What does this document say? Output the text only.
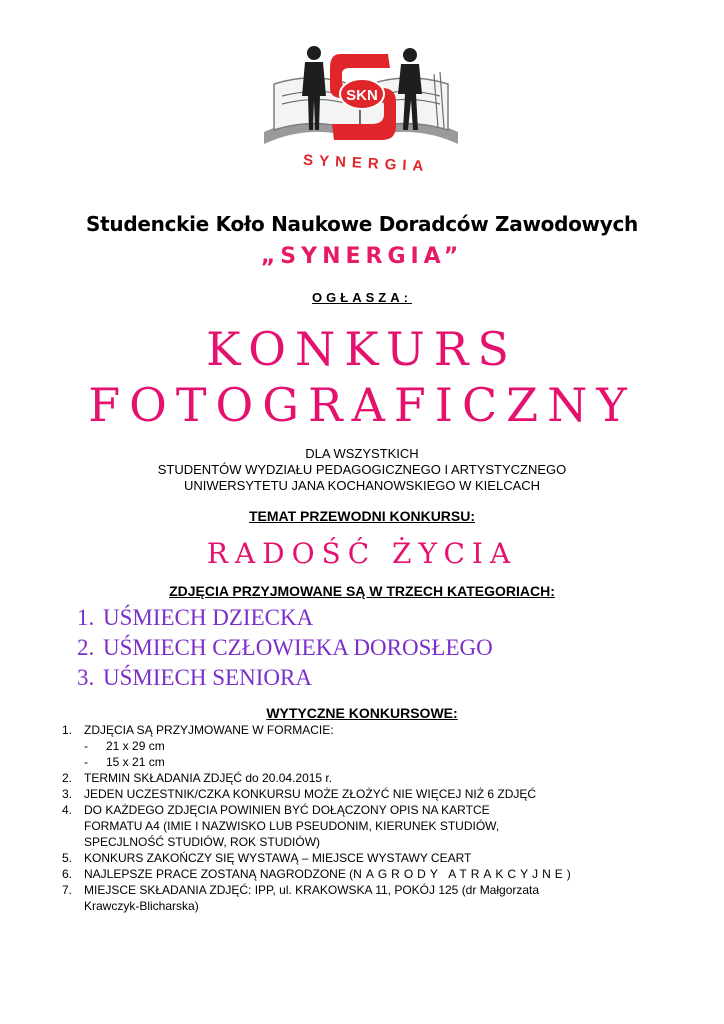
SKN
SYNERGIA
Studenckie Koło Naukowe Doradców Zawodowych
„SYNERGIA”
OGŁASZA:
KONKURS
FOTOGRAFICZNY
DLA WSZYSTKICH
STUDENTÓW WYDZIAŁU PEDAGOGICZNEGO I ARTYSTYCZNEGO
UNIWERSYTETU JANA KOCHANOWSKIEGO W KIELCACH
TEMAT PRZEWODNI KONKURSU:
RADOŚĆ ŻYCIA
ZDJĘCIA PRZYJMOWANE SĄ W TRZECH KATEGORIACH:
1. UŚMIECH DZIECKA
2. UŚMIECH CZŁOWIEKA DOROSŁEGO
3. UŚMIECH SENIORA
WYTYCZNE KONKURSOWE:
1. ZDJĘCIA SĄ PRZYJMOWANE W FORMACIE:
- 21 x 29 cm
- 15 x 21 cm
2. TERMIN SKŁADANIA ZDJĘĆ do 20.04.2015 r.
3. JEDEN UCZESTNIK/CZKA KONKURSU MOŻE ZŁOŻYĆ NIE WIĘCEJ NIŻ 6 ZDJĘĆ
4. DO KAŻDEGO ZDJĘCIA POWINIEN BYĆ DOŁĄCZONY OPIS NA KARTCE
FORMATU A4 (IMIE I NAZWISKO LUB PSEUDONIM, KIERUNEK STUDIÓW,
SPECJLNOŚĆ STUDIÓW, ROK STUDIÓW)
5. KONKURS ZAKOŃCZY SIĘ WYSTAWĄ – MIEJSCE WYSTAWY CEART
6. NAJLEPSZE PRACE ZOSTANĄ NAGRODZONE (NAGRODY ATRAKCYJNE)
7. MIEJSCE SKŁADANIA ZDJĘĆ: IPP, ul. KRAKOWSKA 11, POKÓJ 125 (dr Małgorzata
Krawczyk-Blicharska)
